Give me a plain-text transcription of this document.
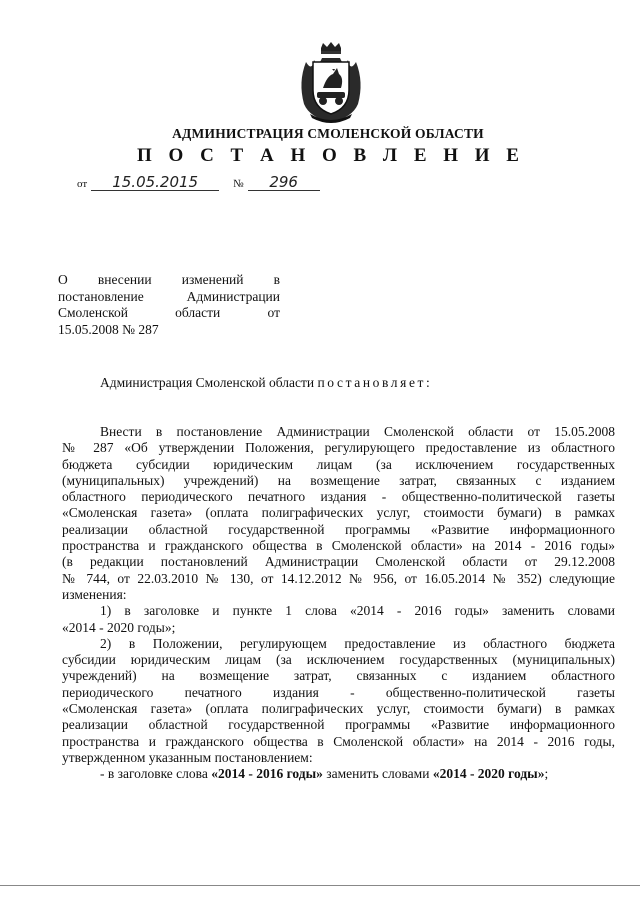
АДМИНИСТРАЦИЯ СМОЛЕНСКОЙ ОБЛАСТИ
П О С Т А Н О В Л Е Н И Е
от	15.05.2015	№	296
О внесении изменений в
постановление Администрации
Смоленской области от
15.05.2008 № 287
Администрация Смоленской области постановляет:
Внести в постановление Администрации Смоленской области от 15.05.2008
№ 287 «Об утверждении Положения, регулирующего предоставление из областного
бюджета субсидии юридическим лицам (за исключением государственных
(муниципальных) учреждений) на возмещение затрат, связанных с изданием
областного периодического печатного издания - общественно-политической газеты
«Смоленская газета» (оплата полиграфических услуг, стоимости бумаги) в рамках
реализации областной государственной программы «Развитие информационного
пространства и гражданского общества в Смоленской области» на 2014 - 2016 годы»
(в редакции постановлений Администрации Смоленской области от 29.12.2008
№ 744, от 22.03.2010 № 130, от 14.12.2012 № 956, от 16.05.2014 № 352) следующие
изменения:
1) в заголовке и пункте 1 слова «2014 - 2016 годы» заменить словами
«2014 - 2020 годы»;
2) в Положении, регулирующем предоставление из областного бюджета
субсидии юридическим лицам (за исключением государственных (муниципальных)
учреждений) на возмещение затрат, связанных с изданием областного
периодического печатного издания - общественно-политической газеты
«Смоленская газета» (оплата полиграфических услуг, стоимости бумаги) в рамках
реализации областной государственной программы «Развитие информационного
пространства и гражданского общества в Смоленской области» на 2014 - 2016 годы,
утвержденном указанным постановлением:
- в заголовке слова «2014 - 2016 годы» заменить словами «2014 - 2020 годы»;
